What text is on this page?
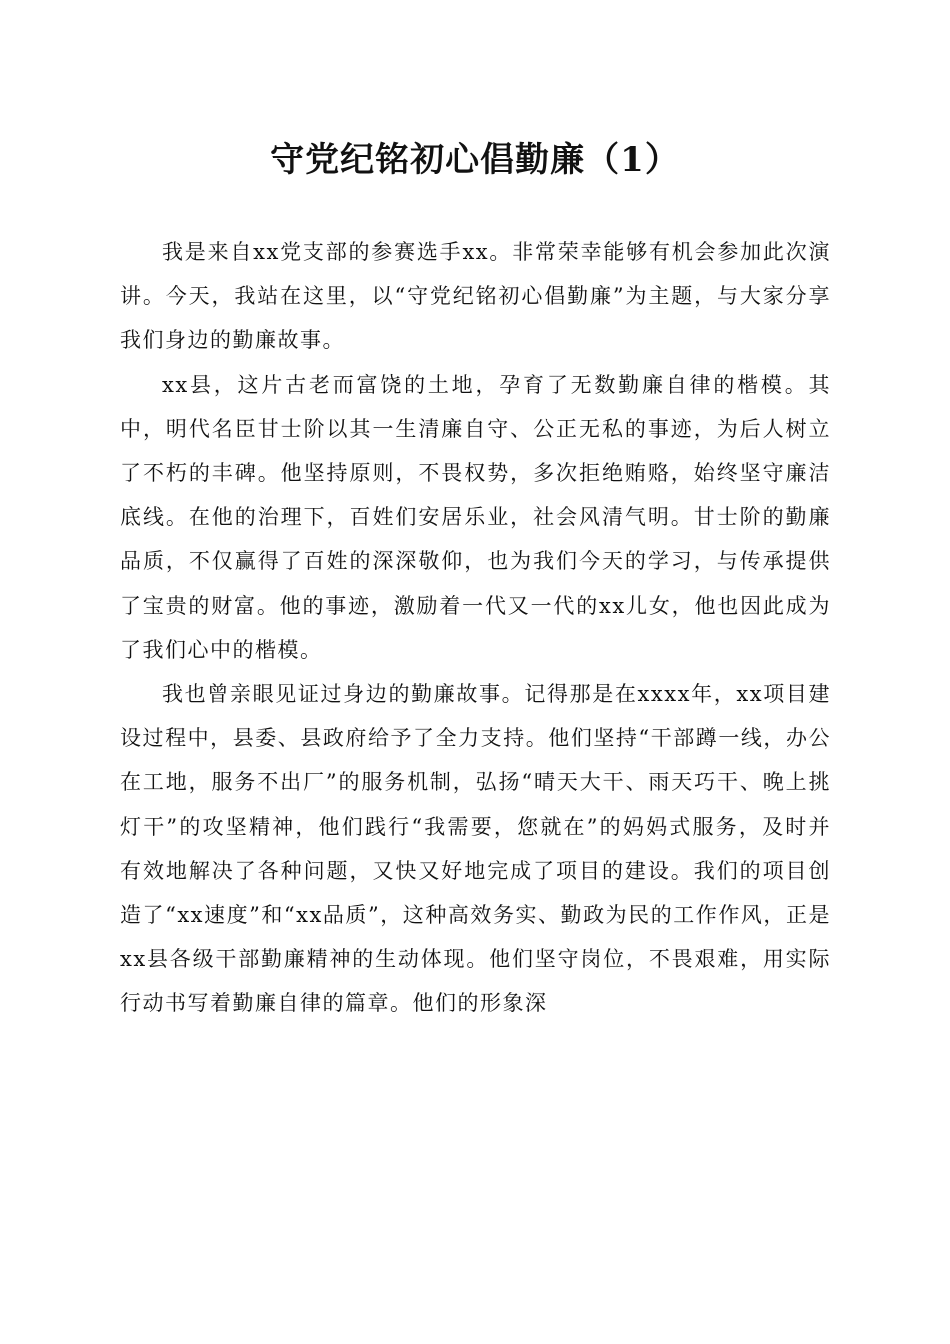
守党纪铭初心倡勤廉（1）

我是来自xx党支部的参赛选手xx。非常荣幸能够有机会参加此次演讲。今天，我站在这里，以“守党纪铭初心倡勤廉”为主题，与大家分享我们身边的勤廉故事。

xx县，这片古老而富饶的土地，孕育了无数勤廉自律的楷模。其中，明代名臣甘士阶以其一生清廉自守、公正无私的事迹，为后人树立了不朽的丰碑。他坚持原则，不畏权势，多次拒绝贿赂，始终坚守廉洁底线。在他的治理下，百姓们安居乐业，社会风清气明。甘士阶的勤廉品质，不仅赢得了百姓的深深敬仰，也为我们今天的学习，与传承提供了宝贵的财富。他的事迹，激励着一代又一代的xx儿女，他也因此成为了我们心中的楷模。

我也曾亲眼见证过身边的勤廉故事。记得那是在xxxx年，xx项目建设过程中，县委、县政府给予了全力支持。他们坚持“干部蹲一线，办公在工地，服务不出厂”的服务机制，弘扬“晴天大干、雨天巧干、晚上挑灯干”的攻坚精神，他们践行“我需要，您就在”的妈妈式服务，及时并有效地解决了各种问题，又快又好地完成了项目的建设。我们的项目创造了“xx速度”和“xx品质”，这种高效务实、勤政为民的工作作风，正是xx县各级干部勤廉精神的生动体现。他们坚守岗位，不畏艰难，用实际行动书写着勤廉自律的篇章。他们的形象深
